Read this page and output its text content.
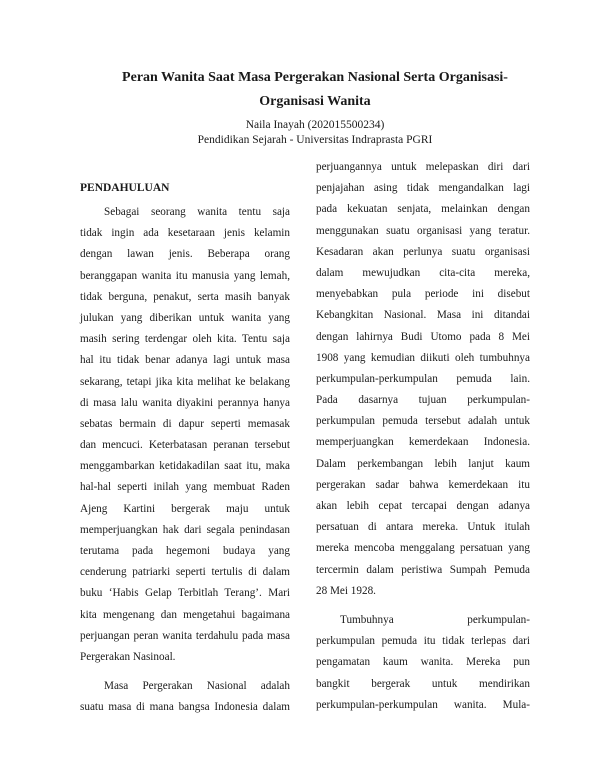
Peran Wanita Saat Masa Pergerakan Nasional Serta Organisasi-
Organisasi Wanita
Naila Inayah (202015500234)
Pendidikan Sejarah - Universitas Indraprasta PGRI
PENDAHULUAN
Sebagai seorang wanita tentu saja
tidak ingin ada kesetaraan jenis kelamin
dengan lawan jenis. Beberapa orang
beranggapan wanita itu manusia yang lemah,
tidak berguna, penakut, serta masih banyak
julukan yang diberikan untuk wanita yang
masih sering terdengar oleh kita. Tentu saja
hal itu tidak benar adanya lagi untuk masa
sekarang, tetapi jika kita melihat ke belakang
di masa lalu wanita diyakini perannya hanya
sebatas bermain di dapur seperti memasak
dan mencuci. Keterbatasan peranan tersebut
menggambarkan ketidakadilan saat itu, maka
hal-hal seperti inilah yang membuat Raden
Ajeng Kartini bergerak maju untuk
memperjuangkan hak dari segala penindasan
terutama pada hegemoni budaya yang
cenderung patriarki seperti tertulis di dalam
buku ‘Habis Gelap Terbitlah Terang’. Mari
kita mengenang dan mengetahui bagaimana
perjuangan peran wanita terdahulu pada masa
Pergerakan Nasinoal.
Masa Pergerakan Nasional adalah
suatu masa di mana bangsa Indonesia dalam
perjuangannya untuk melepaskan diri dari
penjajahan asing tidak mengandalkan lagi
pada kekuatan senjata, melainkan dengan
menggunakan suatu organisasi yang teratur.
Kesadaran akan perlunya suatu organisasi
dalam mewujudkan cita-cita mereka,
menyebabkan pula periode ini disebut
Kebangkitan Nasional. Masa ini ditandai
dengan lahirnya Budi Utomo pada 8 Mei
1908 yang kemudian diikuti oleh tumbuhnya
perkumpulan-perkumpulan pemuda lain.
Pada dasarnya tujuan perkumpulan-
perkumpulan pemuda tersebut adalah untuk
memperjuangkan kemerdekaan Indonesia.
Dalam perkembangan lebih lanjut kaum
pergerakan sadar bahwa kemerdekaan itu
akan lebih cepat tercapai dengan adanya
persatuan di antara mereka. Untuk itulah
mereka mencoba menggalang persatuan yang
tercermin dalam peristiwa Sumpah Pemuda
28 Mei 1928.
Tumbuhnya perkumpulan-
perkumpulan pemuda itu tidak terlepas dari
pengamatan kaum wanita. Mereka pun
bangkit bergerak untuk mendirikan
perkumpulan-perkumpulan wanita. Mula-
